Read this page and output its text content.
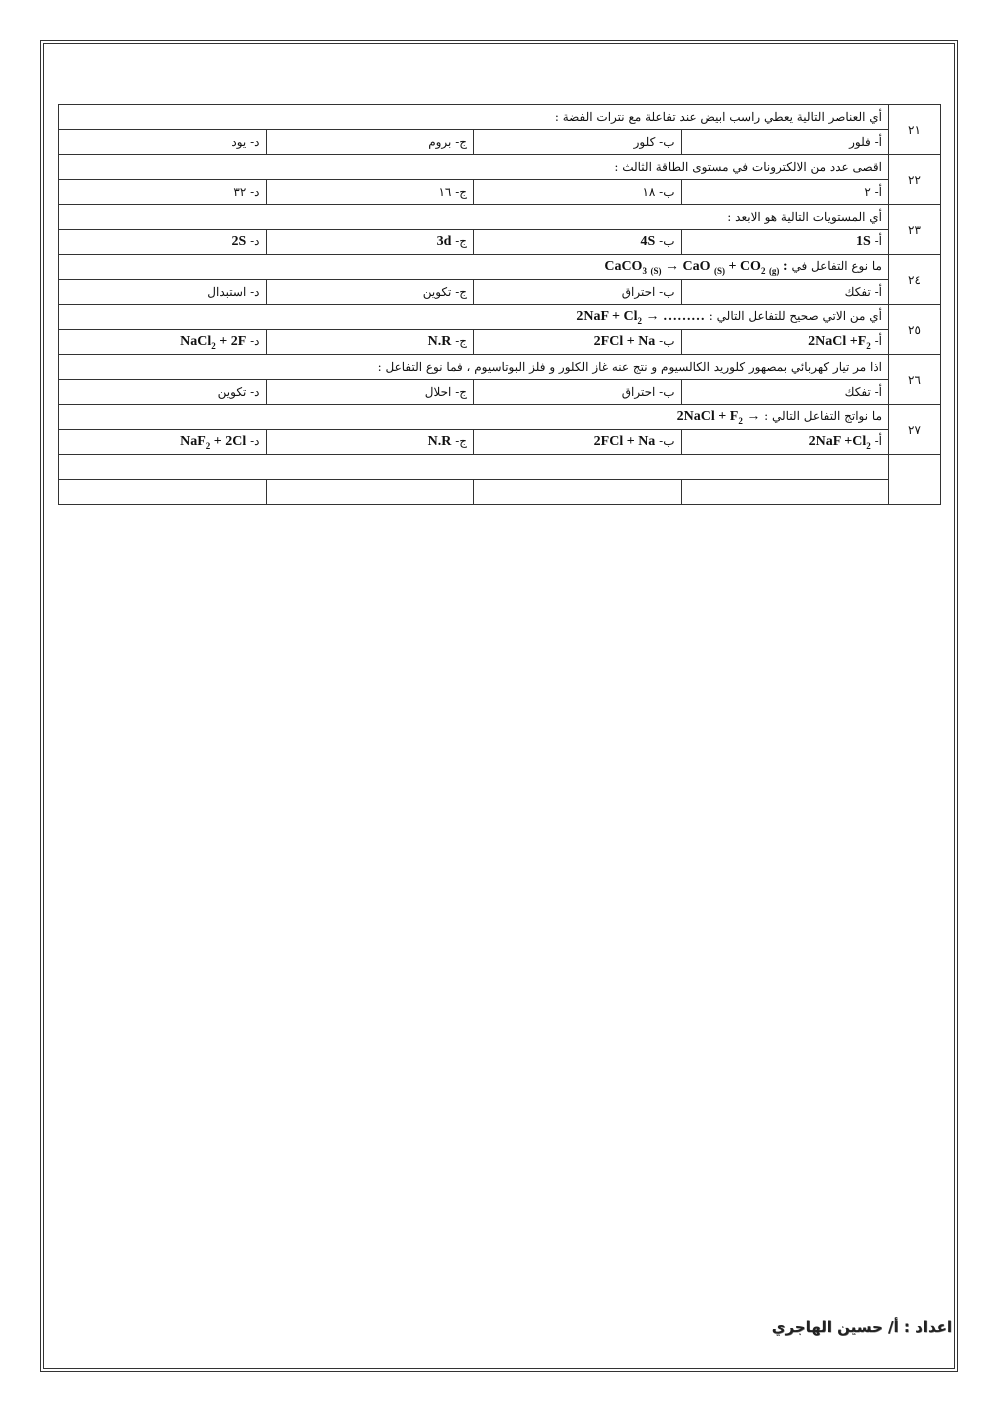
٢١	أي العناصر التالية يعطي راسب ابيض عند تفاعلة مع نترات الفضة :			
	أ- فلور	ب- كلور	ج- بروم	د- يود
٢٢	اقصى عدد من الالكترونات في مستوى الطاقة الثالث :			
	أ- ٢	ب- ١٨	ج- ١٦	د- ٣٢
٢٣	أي المستويات التالية هو الابعد :			
	أ- 1S	ب- 4S	ج- 3d	د- 2S
٢٤	ما نوع التفاعل في CaCO$_3$ $_{(S)}$ → CaO $_{(S)} + CO_2$ $_{(g)}$ :			
	أ- تفكك	ب- احتراق	ج- تكوين	د- استبدال
٢٥	أي من الاتي صحيح للتفاعل التالي : $2NaF + Cl_2$ → ………			
	أ- 2NaCl $+F_2$	ب- 2FCl + Na	ج- N.R	د- NaCl$_2$ + 2F
٢٦	اذا مر تيار كهربائي بمصهور كلوريد الكالسيوم و نتج عنه غاز الكلور و فلز البوتاسيوم ، فما نوع التفاعل :			
	أ- تفكك	ب- احتراق	ج- احلال	د- تكوين
٢٧	ما نواتج التفاعل التالي : 2NaCl + $F_2$ →			
	أ- $2NaF +Cl_2$	ب- 2FCl + Na	ج- N.R	د- NaF$_2$ + 2Cl

اعداد : أ/ حسين الهاجري
